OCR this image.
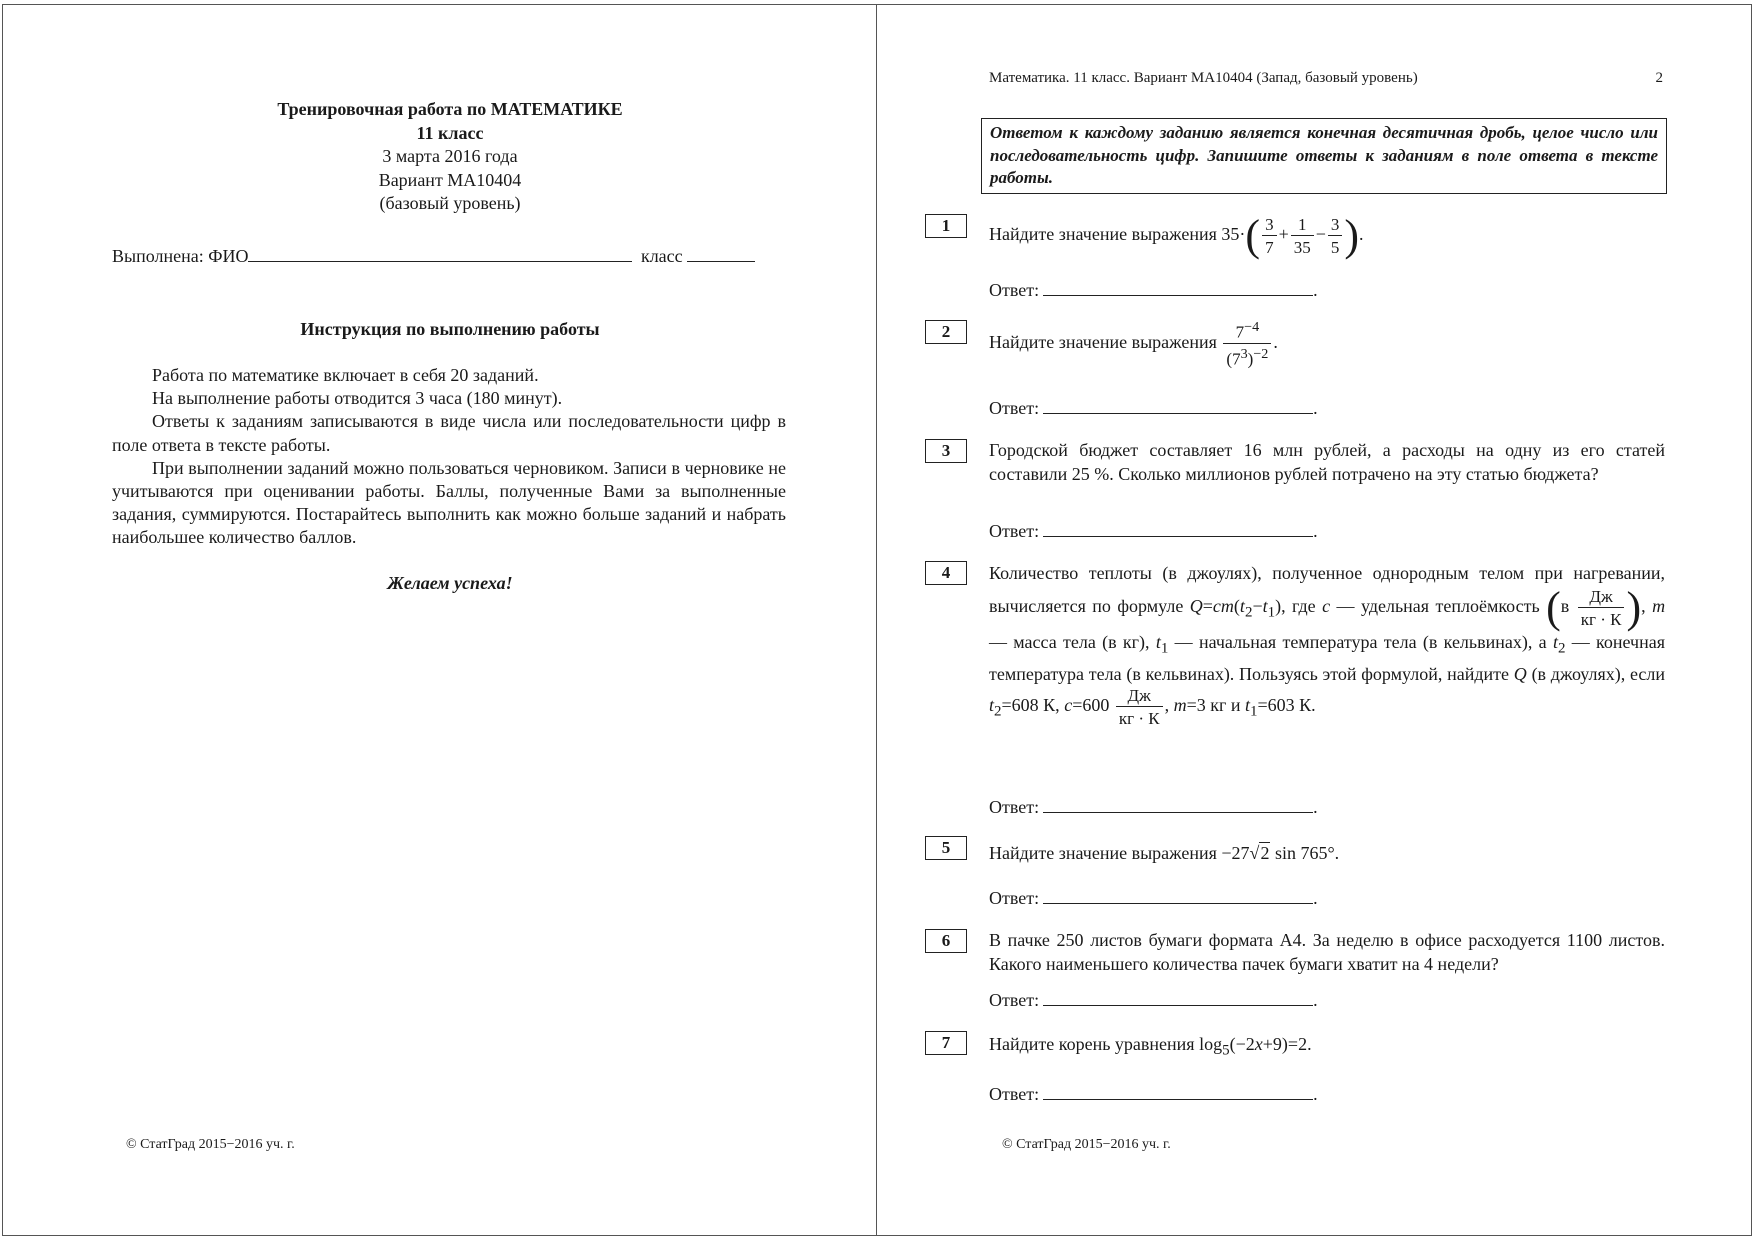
Тренировочная работа по МАТЕМАТИКЕ
11 класс
3 марта 2016 года
Вариант МА10404
(базовый уровень)
Выполнена: ФИО	класс
Инструкция по выполнению работы

Работа по математике включает в себя 20 заданий.

На выполнение работы отводится 3 часа (180 минут).

Ответы к заданиям записываются в виде числа или последовательности цифр в поле ответа в тексте работы.

При выполнении заданий можно пользоваться черновиком. Записи в черновике не учитываются при оценивании работы. Баллы, полученные Вами за выполненные задания, суммируются. Постарайтесь выполнить как можно больше заданий и набрать наибольшее количество баллов.

Желаем успеха!
© СтатГрад 2015−2016 уч. г.
Математика. 11 класс. Вариант МА10404 (Запад, базовый уровень)	2
Ответом к каждому заданию является конечная десятичная дробь, целое число или последовательность цифр. Запишите ответы к заданиям в поле ответа в тексте работы.
1	Найдите значение выражения $35\cdot( \frac{3}{7} + \frac{1}{35} - \frac{3}{5}$ ).
Ответ:	.
2
Найдите значение выражения $\frac{7^{-4}}{(7^3)^{-2}}$ .
Ответ:	.
3	Городской бюджет составляет 16 млн рублей, а расходы на одну из его статей составили 25 %. Сколько миллионов рублей потрачено на эту статью бюджета?
Ответ:	.
4	Количество теплоты (в джоулях), полученное однородным телом при нагревании, вычисляется по формуле $Q=cm(t_2-t_1)$, где c — удельная теплоёмкость ($в \frac{Дж}{кг \cdot К}$ ), m — масса тела (в кг), $t_1$ — начальная температура тела (в кельвинах), а $t_2$ — конечная температура тела (в кельвинах). Пользуясь этой формулой, найдите Q (в джоулях), если $t_2=608$ К, $c=600 \frac{Дж}{кг \cdot К}$ , m=3 кг и $t_1=603$ К.
Ответ:	.
5	Найдите значение выражения −27√2 sin 765°.
Ответ:	.
6	В пачке 250 листов бумаги формата А4. За неделю в офисе расходуется 1100 листов. Какого наименьшего количества пачек бумаги хватит на 4 недели?
Ответ:	.
7	Найдите корень уравнения $\log_5(-2x+9)=2$.
Ответ:	.
© СтатГрад 2015−2016 уч. г.
